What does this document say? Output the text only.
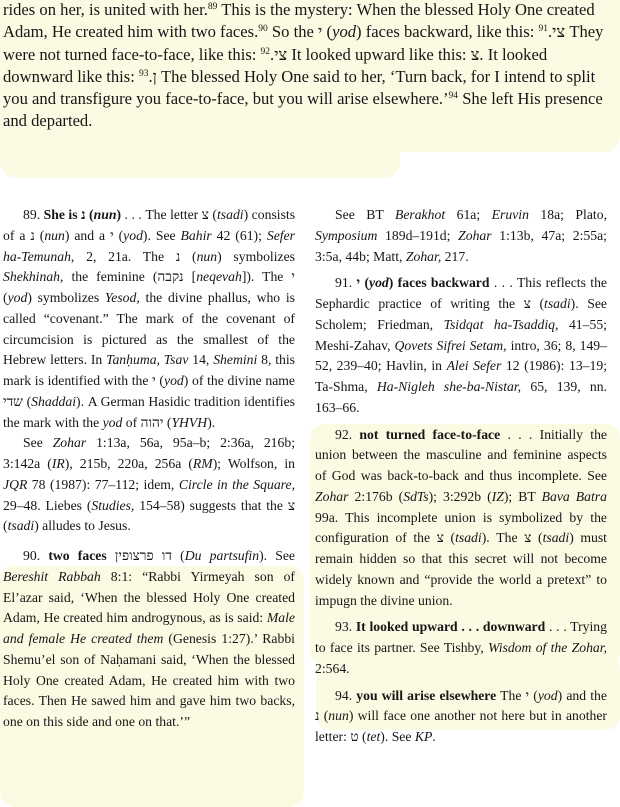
rides on her, is united with her.$^{89}$ This is the mystery: When the blessed Holy One created Adam, He created him with two faces.$^{90}$ So the י (yod) faces backward, like this: צי.$^{91}$ They were not turned face-to-face, like this: צי.$^{92}$ It looked upward like this: צ. It looked downward like this: ן.$^{93}$ The blessed Holy One said to her, ‘Turn back, for I intend to split you and transfigure you face-to-face, but you will arise elsewhere.’$^{94}$ She left His presence and departed.

89. She is נ (nun) . . . The letter צ (tsadi) consists of a נ (nun) and a י (yod). See Bahir 42 (61); Sefer ha-Temunah, 2, 21a. The נ (nun) symbolizes Shekhinah, the feminine (נקבה [neqevah]). The י (yod) symbolizes Yesod, the divine phallus, who is called “covenant.” The mark of the covenant of circumcision is pictured as the smallest of the Hebrew letters. In Tanḥuma, Tsav 14, Shemini 8, this mark is identified with the י (yod) of the divine name שדי (Shaddai). A German Hasidic tradition identifies the mark with the yod of יהוה (YHVH).

See Zohar 1:13a, 56a, 95a–b; 2:36a, 216b; 3:142a (IR), 215b, 220a, 256a (RM); Wolfson, in JQR 78 (1987): 77–112; idem, Circle in the Square, 29–48. Liebes (Studies, 154–58) suggests that the צ (tsadi) alludes to Jesus.

90. two faces דו פרצופין (Du partsufin). See Bereshit Rabbah 8:1: “Rabbi Yirmeyah son of El’azar said, ‘When the blessed Holy One created Adam, He created him androgynous, as is said: Male and female He created them (Genesis 1:27).’ Rabbi Shemu’el son of Naḥamani said, ‘When the blessed Holy One created Adam, He created him with two faces. Then He sawed him and gave him two backs, one on this side and one on that.’”

See BT Berakhot 61a; Eruvin 18a; Plato, Symposium 189d–191d; Zohar 1:13b, 47a; 2:55a; 3:5a, 44b; Matt, Zohar, 217.

91. י (yod) faces backward . . . This reflects the Sephardic practice of writing the צ (tsadi). See Scholem; Friedman, Tsidqat ha-Tsaddiq, 41–55; Meshi-Zahav, Qovets Sifrei Setam, intro, 36; 8, 149–52, 239–40; Havlin, in Alei Sefer 12 (1986): 13–19; Ta-Shma, Ha-Nigleh she-ba-Nistar, 65, 139, nn. 163–66.

92. not turned face-to-face . . . Initially the union between the masculine and feminine aspects of God was back-to-back and thus incomplete. See Zohar 2:176b (SdTs); 3:292b (IZ); BT Bava Batra 99a. This incomplete union is symbolized by the configuration of the צ (tsadi). The צ (tsadi) must remain hidden so that this secret will not become widely known and “provide the world a pretext” to impugn the divine union.

93. It looked upward . . . downward . . . Trying to face its partner. See Tishby, Wisdom of the Zohar, 2:564.

94. you will arise elsewhere The י (yod) and the נ (nun) will face one another not here but in another letter: ט (tet). See KP.
